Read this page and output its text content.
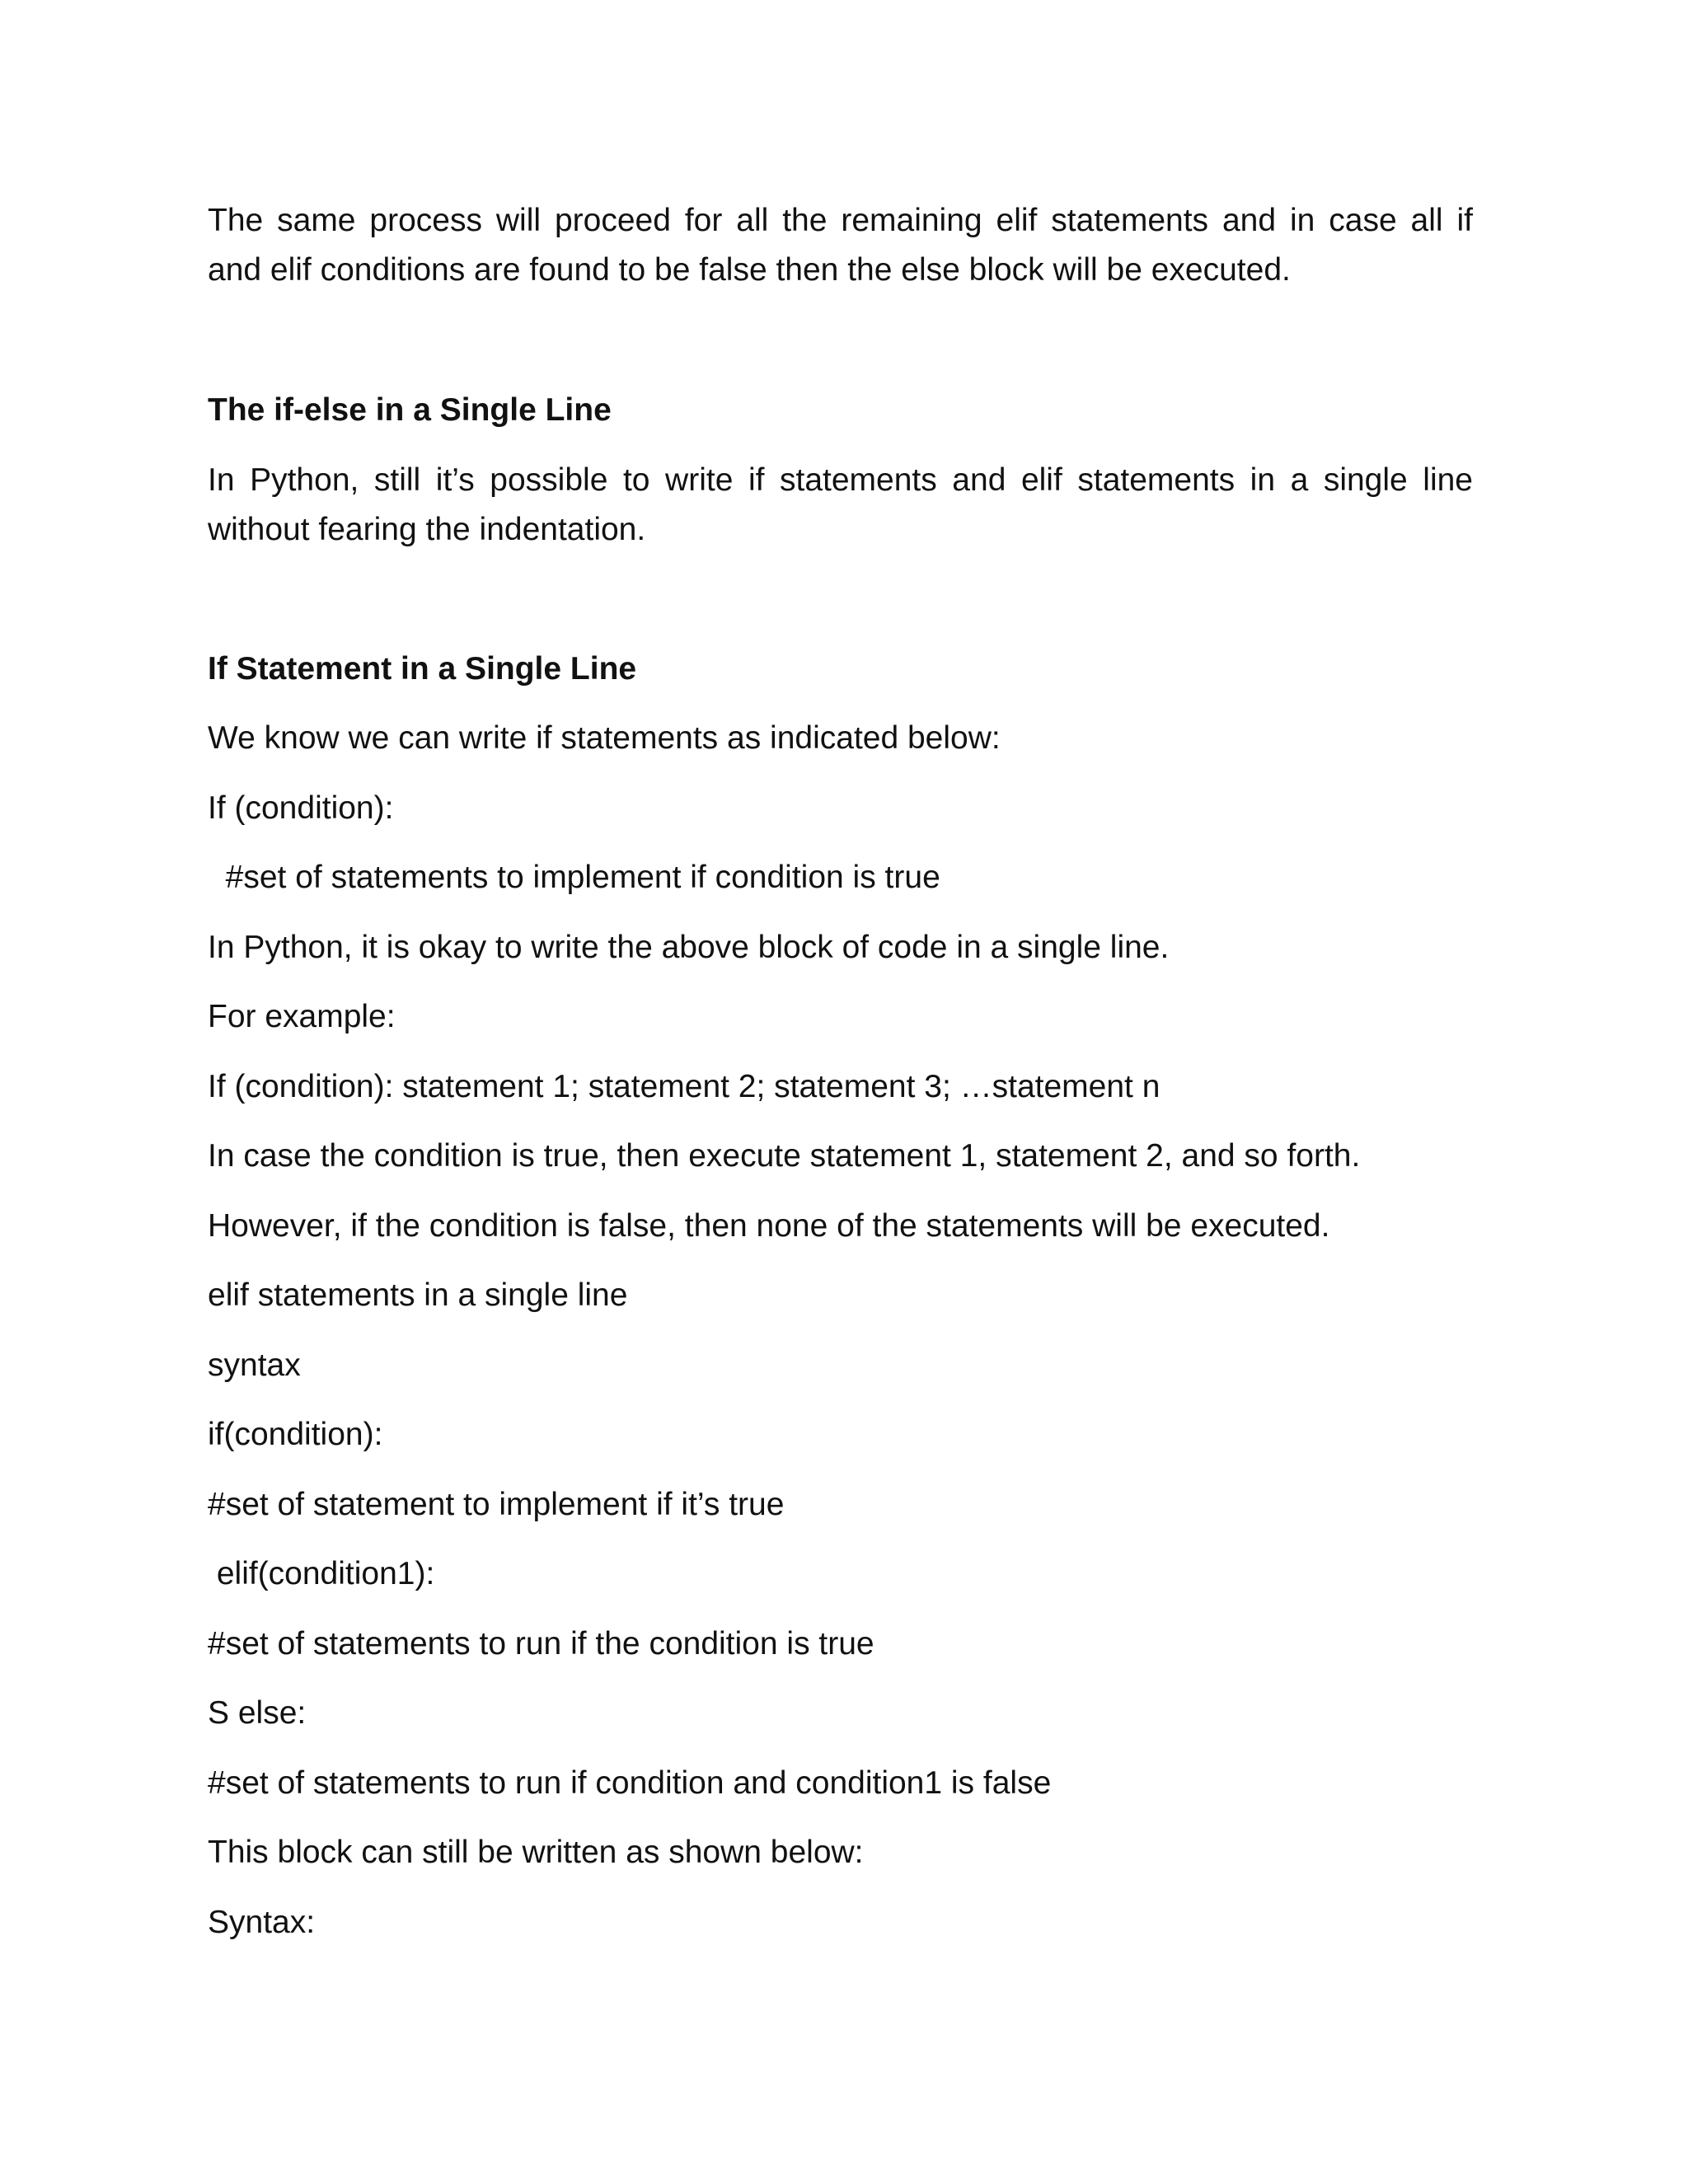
The same process will proceed for all the remaining elif statements and in case all if

and elif conditions are found to be false then the else block will be executed.

The if-else in a Single Line

In Python, still it’s possible to write if statements and elif statements in a single line

without fearing the indentation.

If Statement in a Single Line

We know we can write if statements as indicated below:

If (condition):

#set of statements to implement if condition is true

In Python, it is okay to write the above block of code in a single line.

For example:

If (condition): statement 1; statement 2; statement 3; …statement n

In case the condition is true, then execute statement 1, statement 2, and so forth.

However, if the condition is false, then none of the statements will be executed.

elif statements in a single line

syntax

if(condition):

#set of statement to implement if it’s true

elif(condition1):

#set of statements to run if the condition is true

S else:

#set of statements to run if condition and condition1 is false

This block can still be written as shown below:

Syntax:
